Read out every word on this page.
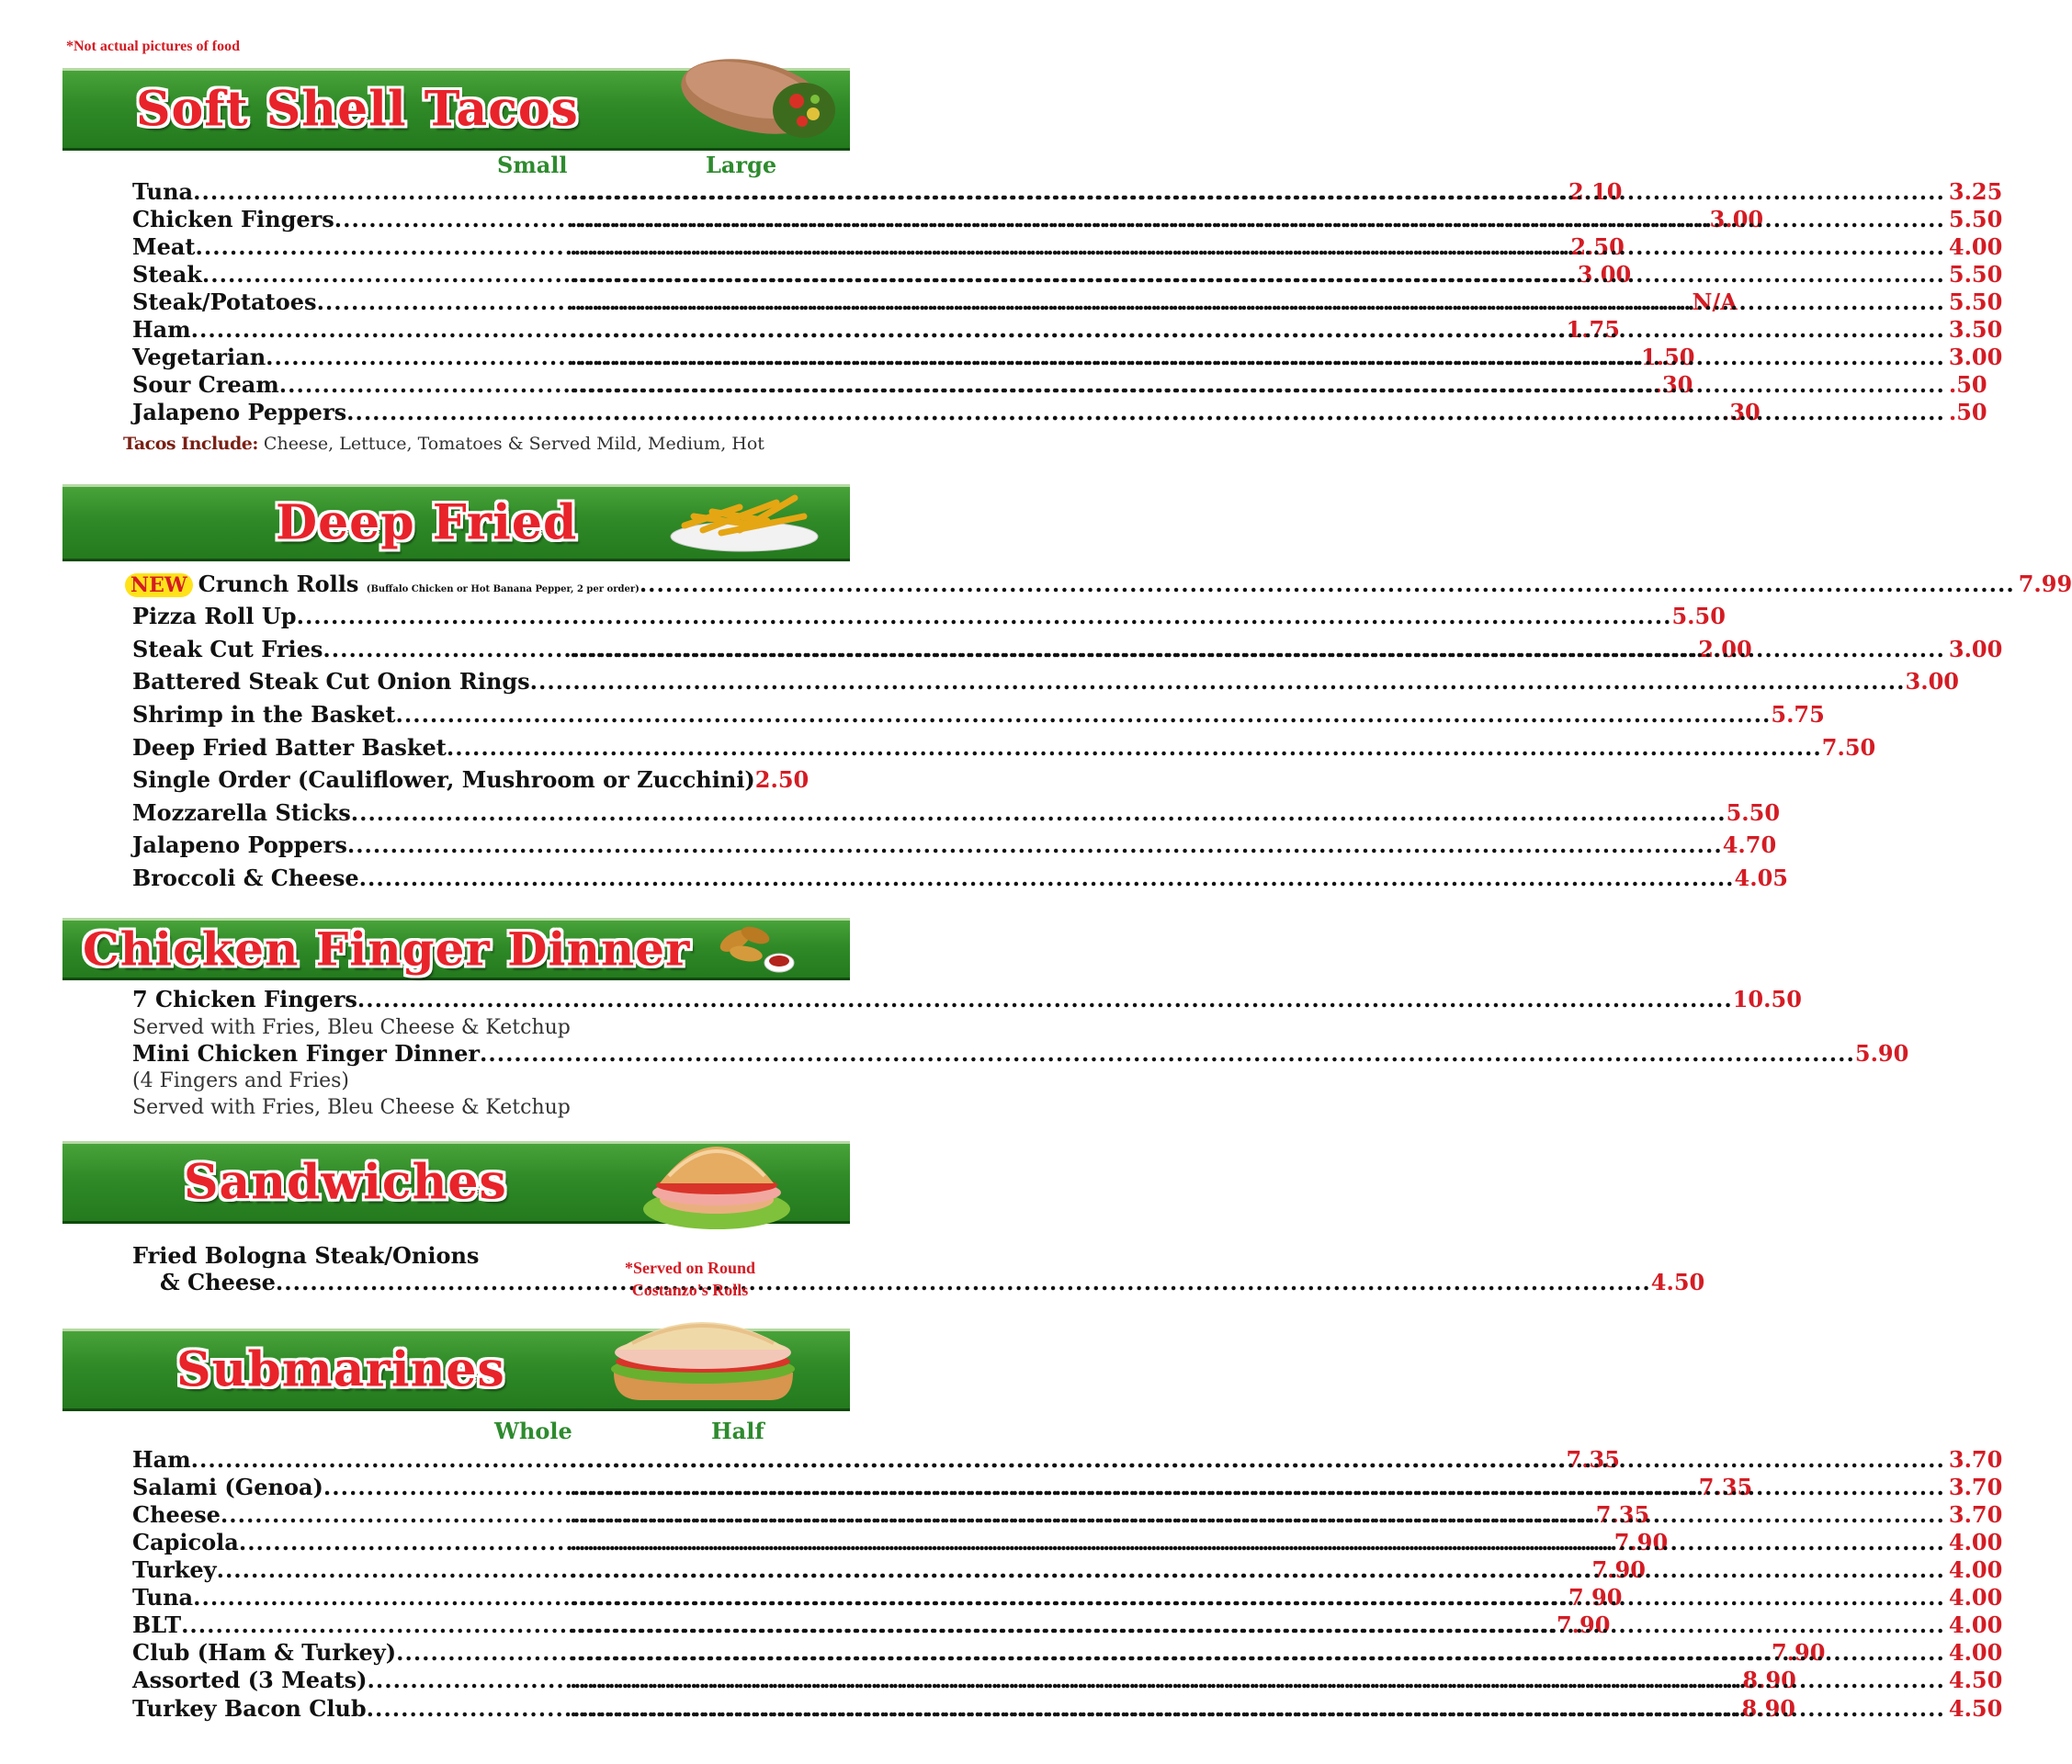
*Not actual pictures of food
Soft Shell Tacos
Small	Large
Tuna .....	2.10 .....	3.25
Chicken Fingers .....	3.00 .....	5.50
Meat .....	2.50 .....	4.00
Steak .....	3.00 .....	5.50
Steak/Potatoes .....	N/A .....	5.50
Ham .....	1.75 .....	3.50
Vegetarian .....	1.50 .....	3.00
Sour Cream .....	.30 .....	.50
Jalapeno Peppers .....	.30 .....	.50
Tacos Include: Cheese, Lettuce, Tomatoes & Served Mild, Medium, Hot
Deep Fried
NEW Crunch Rolls (Buffalo Chicken or Hot Banana Pepper, 2 per order) .....	7.99
Pizza Roll Up .....	5.50
Steak Cut Fries .....	2.00 .....	3.00
Battered Steak Cut Onion Rings .....	3.00
Shrimp in the Basket .....	5.75
Deep Fried Batter Basket .....	7.50
Single Order (Cauliflower, Mushroom or Zucchini) 2.50
Mozzarella Sticks .....	5.50
Jalapeno Poppers .....	4.70
Broccoli & Cheese .....	4.05
Chicken Finger Dinner
7 Chicken Fingers .....	10.50
Served with Fries, Bleu Cheese & Ketchup
Mini Chicken Finger Dinner .....	5.90
(4 Fingers and Fries)
Served with Fries, Bleu Cheese & Ketchup
Sandwiches
Fried Bologna Steak/Onions
& Cheese .....	4.50
*Served on Round
Costanzo's Rolls
Submarines
Whole	Half
Ham .....	7.35 .....	3.70
Salami (Genoa) .....	7.35 .....	3.70
Cheese .....	7.35 .....	3.70
Capicola .....	7.90 .....	4.00
Turkey .....	7.90 .....	4.00
Tuna .....	7.90 .....	4.00
BLT .....	7.90 .....	4.00
Club (Ham & Turkey) .....	7.90 .....	4.00
Assorted (3 Meats) .....	8.90 .....	4.50
Turkey Bacon Club .....	8.90 .....	4.50
